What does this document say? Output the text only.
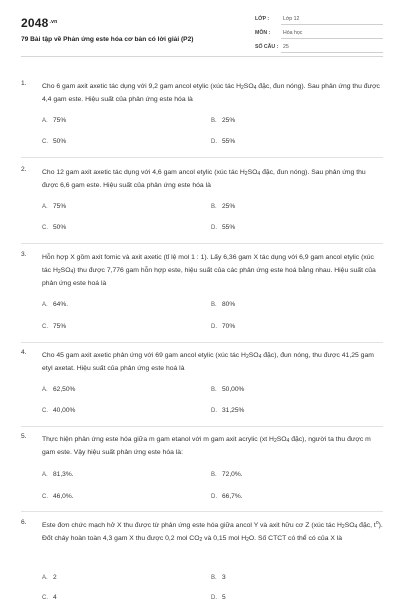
$2048^{.vn}$
79 Bài tập về Phản ứng este hóa cơ bản có lời giải (P2)
LỚP :	Lớp 12
MÔN : Hóa học
SỐ CÂU : 25
1. Cho 6 gam axit axetic tác dụng với 9,2 gam ancol etylic (xúc tác $H_2SO_4$ đặc, đun nóng). Sau phản ứng thu được 4,4 gam este. Hiệu suất của phản ứng este hóa là
A. 75%	B. 25%
C. 50%	D. 55%
2. Cho 12 gam axit axetic tác dụng với 4,6 gam ancol etylic (xúc tác $H_2SO_4$ đặc, đun nóng). Sau phản ứng thu được 6,6 gam este. Hiệu suất của phản ứng este hóa là
A. 75%	B. 25%
C. 50%	D. 55%
3. Hỗn hợp X gồm axit fomic và axit axetic (tỉ lệ mol 1 : 1). Lấy 6,36 gam X tác dụng với 6,9 gam ancol etylic (xúc tác $H_2SO_4$) thu được 7,776 gam hỗn hợp este, hiệu suất của các phản ứng este hoá bằng nhau. Hiệu suất của phản ứng este hoá là
A. 64%.	B. 80%
C. 75%	D. 70%
4. Cho 45 gam axit axetic phản ứng với 69 gam ancol etylic (xúc tác $H_2SO_4$ đặc), đun nóng, thu được 41,25 gam etyl axetat. Hiệu suất của phản ứng este hoá là
A. 62,50%	B. 50,00%
C. 40,00%	D. 31,25%
5. Thực hiện phản ứng este hóa giữa m gam etanol với m gam axit acrylic (xt $H_2SO_4$ đặc), người ta thu được m gam este. Vậy hiệu suất phản ứng este hóa là:
A. 81,3%.	B. 72,0%.
C. 46,0%.	D. 66,7%.
6. Este đơn chức mạch hở X thu được từ phản ứng este hóa giữa ancol Y và axit hữu cơ Z (xúc tác $H_2SO_4$ đặc, $t^o$). Đốt cháy hoàn toàn 4,3 gam X thu được 0,2 mol $CO_2$ và 0,15 mol $H_2O$. Số CTCT có thể có của X là
A. 2	B. 3
C. 4	D. 5
